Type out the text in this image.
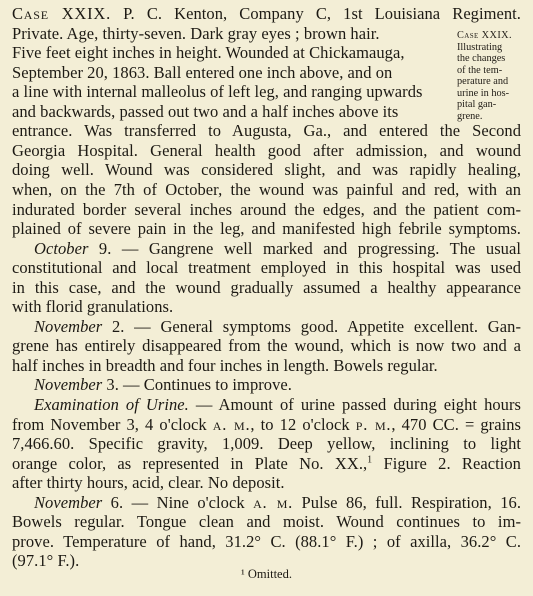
Case XXIX. P. C. Kenton, Company C, 1st Louisiana Regiment.
Private. Age, thirty-seven. Dark gray eyes ; brown hair.
Five feet eight inches in height. Wounded at Chickamauga,
September 20, 1863. Ball entered one inch above, and on
a line with internal malleolus of left leg, and ranging upwards
and backwards, passed out two and a half inches above its
entrance. Was transferred to Augusta, Ga., and entered the Second
Georgia Hospital. General health good after admission, and wound
doing well. Wound was considered slight, and was rapidly healing,
when, on the 7th of October, the wound was painful and red, with an
indurated border several inches around the edges, and the patient com-
plained of severe pain in the leg, and manifested high febrile symptoms.
October 9. — Gangrene well marked and progressing. The usual
constitutional and local treatment employed in this hospital was used
in this case, and the wound gradually assumed a healthy appearance
with florid granulations.
November 2. — General symptoms good. Appetite excellent. Gan-
grene has entirely disappeared from the wound, which is now two and a
half inches in breadth and four inches in length. Bowels regular.
November 3. — Continues to improve.
Examination of Urine. — Amount of urine passed during eight hours
from November 3, 4 o'clock a. m., to 12 o'clock p. m., 470 CC. = grains
7,466.60. Specific gravity, 1,009. Deep yellow, inclining to light
orange color, as represented in Plate No. XX.,$^1$ Figure 2. Reaction
after thirty hours, acid, clear. No deposit.
November 6. — Nine o'clock a. m. Pulse 86, full. Respiration, 16.
Bowels regular. Tongue clean and moist. Wound continues to im-
prove. Temperature of hand, 31.2° C. (88.1° F.) ; of axilla, 36.2° C.
(97.1° F.).
Case XXIX.
Illustrating
the changes
of the tem-
perature and
urine in hos-
pital gan-
grene.
¹ Omitted.
